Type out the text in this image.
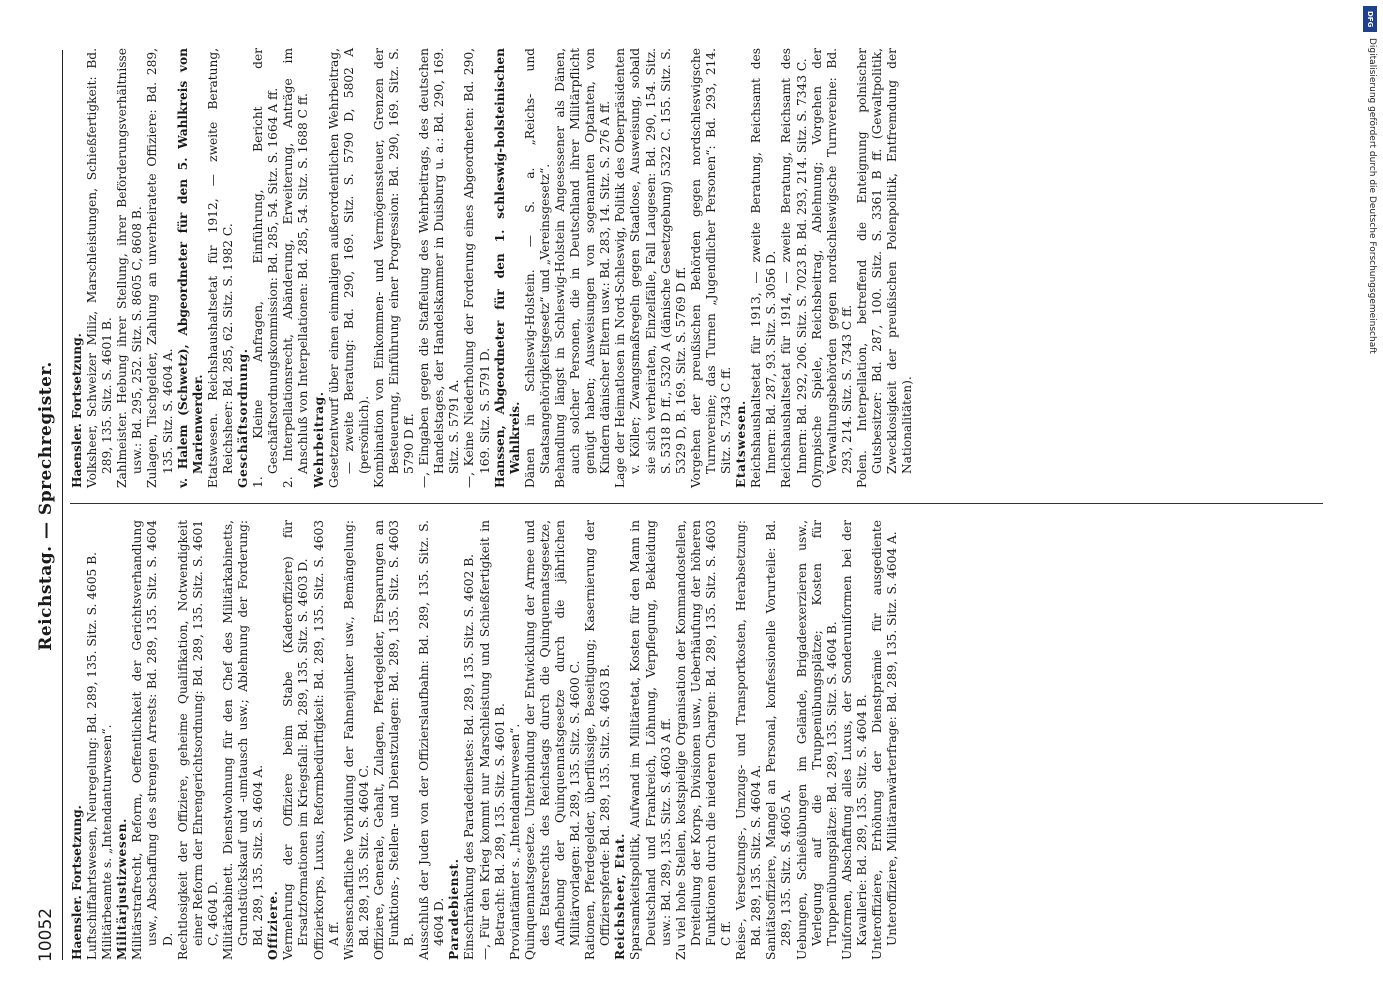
10052
Reichstag. — Sprechregister.

Haensler. Fortsetzung. Luftschiffahrtswesen, Neuregelung: Bd. 289, 135. Sitz. S. 4605 B. Militärbeamte s. „Intendanturwesen“. Militärjustizwesen. Militärstrafrecht, Reform, Oeffentlichkeit der Gerichtsverhandlung usw., Abschaffung des strengen Arrests: Bd. 289, 135. Sitz. S. 4604 D. Rechtlosigkeit der Offiziere, geheime Qualifikation, Notwendigkeit einer Reform der Ehrengerichtsordnung: Bd. 289, 135. Sitz. S. 4601 C, 4604 D. Militärkabinett. Dienstwohnung für den Chef des Militärkabinetts, Grundstückskauf und -umtausch usw.; Ablehnung der Forderung: Bd. 289, 135. Sitz. S. 4604 A. Offiziere. Vermehrung der Offiziere beim Stabe (Kaderoffiziere) für Ersatzformationen im Kriegsfall: Bd. 289, 135. Sitz. S. 4603 D. Offizierkorps, Luxus, Reformbedürftigkeit: Bd. 289, 135. Sitz. S. 4603 A ff. Wissenschaftliche Vorbildung der Fahnenjunker usw., Bemängelung: Bd. 289, 135. Sitz. S. 4604 C. Offiziere, Generale, Gehalt, Zulagen, Pferdegelder, Ersparungen an Funktions-, Stellen- und Dienstzulagen: Bd. 289, 135. Sitz. S. 4603 B. Ausschluß der Juden von der Offizierslaufbahn: Bd. 289, 135. Sitz. S. 4604 D. Paradebienst. Einschränkung des Paradedienstes: Bd. 289, 135. Sitz. S. 4602 B. —, Für den Krieg kommt nur Marschleistung und Schießfertigkeit in Betracht: Bd. 289, 135. Sitz. S. 4601 B. Proviantämter s. „Intendanturwesen“. Quinquennatsgesetze. Unterbindung der Entwicklung der Armee und des Etatsrechts des Reichstags durch die Quinquennatsgesetze, Aufhebung der Quinquennatsgesetze durch die jährlichen Militärvorlagen: Bd. 289, 135. Sitz. S. 4600 C. Rationen, Pferdegelder, überflüssige, Beseitigung; Kasernierung der Offizierspferde: Bd. 289, 135. Sitz. S. 4603 B. Reichsheer, Etat. Sparsamkeitspolitik, Aufwand im Militäretat, Kosten für den Mann in Deutschland und Frankreich, Löhnung, Verpflegung, Bekleidung usw.: Bd. 289, 135. Sitz. S. 4603 A ff. Zu viel hohe Stellen, kostspielige Organisation der Kommandostellen, Dreiteilung der Korps, Divisionen usw., Ueberhäufung der höheren Funktionen durch die niederen Chargen: Bd. 289, 135. Sitz. S. 4603 C ff. Reise-, Versetzungs-, Umzugs- und Transportkosten, Herabsetzung: Bd. 289, 135. Sitz. S. 4604 A. Sanitätsoffiziere, Mangel an Personal, konfessionelle Vorurteile: Bd. 289, 135. Sitz. S. 4605 A. Uebungen, Schießübungen im Gelände, Brigadeexerzieren usw., Verlegung auf die Truppenübungsplätze; Kosten für Truppenübungsplätze: Bd. 289, 135. Sitz. S. 4604 B. Uniformen, Abschaffung alles Luxus, der Sonderuniformen bei der Kavallerie: Bd. 289, 135. Sitz. S. 4604 B. Unteroffiziere, Erhöhung der Dienstprämie für ausgediente Unteroffiziere, Militäranwärterfrage: Bd. 289, 135. Sitz. S. 4604 A.

Haensler. Fortsetzung. Volksheer, Schweizer Miliz, Marschleistungen, Schießfertigkeit: Bd. 289, 135. Sitz. S. 4601 B. Zahlmeister. Hebung ihrer Stellung, ihrer Beförderungsverhältnisse usw.: Bd. 295, 252. Sitz. S. 8605 C, 8608 B. Zulagen, Tischgelder, Zahlung an unverheiratete Offiziere: Bd. 289, 135. Sitz. S. 4604 A. v. Halem (Schwetz), Abgeordneter für den 5. Wahlkreis von Marienwerder. Etatswesen. Reichshaushaltsetat für 1912, — zweite Beratung, Reichsheer: Bd. 285, 62. Sitz. S. 1982 C. Geschäftsordnung. 1. Kleine Anfragen, Einführung, Bericht der Geschäftsordnungskommission: Bd. 285, 54. Sitz. S. 1664 A ff. 2. Interpellationsrecht, Abänderung, Erweiterung, Anträge im Anschluß von Interpellationen: Bd. 285, 54. Sitz. S. 1688 C ff. Wehrbeitrag. Gesetzentwurf über einen einmaligen außerordentlichen Wehrbeitrag, — zweite Beratung: Bd. 290, 169. Sitz. S. 5790 D, 5802 A (persönlich). Kombination von Einkommen- und Vermögenssteuer, Grenzen der Besteuerung, Einführung einer Progression: Bd. 290, 169. Sitz. S. 5790 D ff. —, Eingaben gegen die Staffelung des Wehrbeitrags, des deutschen Handelstages, der Handelskammer in Duisburg u. a.: Bd. 290, 169. Sitz. S. 5791 A. —, Keine Niederholung der Forderung eines Abgeordneten: Bd. 290, 169. Sitz. S. 5791 D. Hanssen, Abgeordneter für den 1. schleswig-holsteinischen Wahlkreis. Dänen in Schleswig-Holstein. — S. a. „Reichs- und Staatsangehörigkeitsgesetz“ und „Vereinsgesetz“. Behandlung längst in Schleswig-Holstein Angesessener als Dänen, auch solcher Personen, die in Deutschland ihrer Militärpflicht genügt haben; Ausweisungen von sogenannten Optanten, von Kindern dänischer Eltern usw.: Bd. 283, 14. Sitz. S. 276 A ff. Lage der Heimatlosen in Nord-Schleswig, Politik des Oberpräsidenten v. Köller; Zwangsmaßregeln gegen Staatlose, Ausweisung, sobald sie sich verheiraten, Einzelfälle, Fall Laugesen: Bd. 290, 154. Sitz. S. 5318 D ff., 5320 A (dänische Gesetzgebung) 5322 C. 155. Sitz. S. 5329 D, B. 169. Sitz. S. 5769 D ff. Vorgehen der preußischen Behörden gegen nordschleswigsche Turnvereine; das Turnen „Jugendlicher Personen“: Bd. 293, 214. Sitz. S. 7343 C ff. Etatswesen. Reichshaushaltsetat für 1913, — zweite Beratung, Reichsamt des Innern: Bd. 287, 93. Sitz. S. 3056 D. Reichshaushaltsetat für 1914, — zweite Beratung, Reichsamt des Innern: Bd. 292, 206. Sitz. S. 7023 B. Bd. 293, 214. Sitz. S. 7343 C. Olympische Spiele, Reichsbeitrag, Ablehnung; Vorgehen der Verwaltungsbehörden gegen nordschleswigsche Turnvereine: Bd. 293, 214. Sitz. S. 7343 C ff. Polen. Interpellation, betreffend die Enteignung polnischer Gutsbesitzer: Bd. 287, 100. Sitz. S. 3361 B ff. (Gewaltpolitik, Zwecklosigkeit der preußischen Polenpolitik, Entfremdung der Nationalitäten).

DFG
Digitalisierung gefördert durch die Deutsche Forschungsgemeinschaft
